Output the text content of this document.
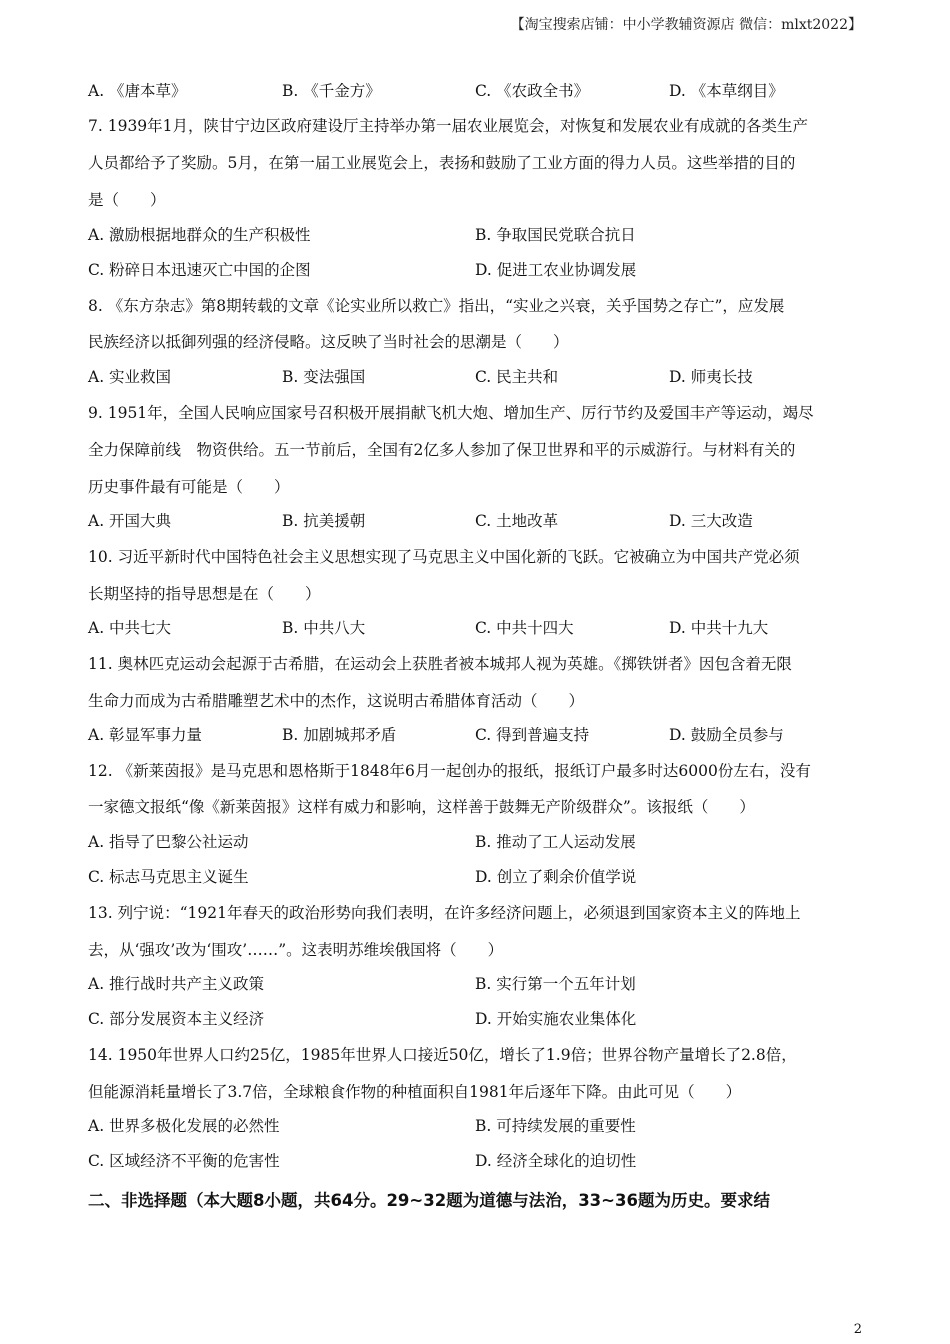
【淘宝搜索店铺：中小学教辅资源店 微信：mlxt2022】
A. 《唐本草》	B. 《千金方》	C. 《农政全书》	D. 《本草纲目》
7. 1939年1月，陕甘宁边区政府建设厅主持举办第一届农业展览会，对恢复和发展农业有成就的各类生产
人员都给予了奖励。5月，在第一届工业展览会上，表扬和鼓励了工业方面的得力人员。这些举措的目的
是（　　）
A. 激励根据地群众的生产积极性	B. 争取国民党联合抗日
C. 粉碎日本迅速灭亡中国的企图	D. 促进工农业协调发展
8. 《东方杂志》第8期转载的文章《论实业所以救亡》指出，“实业之兴衰，关乎国势之存亡”，应发展
民族经济以抵御列强的经济侵略。这反映了当时社会的思潮是（　　）
A. 实业救国	B. 变法强国	C. 民主共和	D. 师夷长技
9. 1951年，全国人民响应国家号召积极开展捐献飞机大炮、增加生产、厉行节约及爱国丰产等运动，竭尽
全力保障前线　物资供给。五一节前后，全国有2亿多人参加了保卫世界和平的示威游行。与材料有关的
历史事件最有可能是（　　）
A. 开国大典	B. 抗美援朝	C. 土地改革	D. 三大改造
10. 习近平新时代中国特色社会主义思想实现了马克思主义中国化新的飞跃。它被确立为中国共产党必须
长期坚持的指导思想是在（　　）
A. 中共七大	B. 中共八大	C. 中共十四大	D. 中共十九大
11. 奥林匹克运动会起源于古希腊，在运动会上获胜者被本城邦人视为英雄。《掷铁饼者》因包含着无限
生命力而成为古希腊雕塑艺术中的杰作，这说明古希腊体育活动（　　）
A. 彰显军事力量	B. 加剧城邦矛盾	C. 得到普遍支持	D. 鼓励全员参与
12. 《新莱茵报》是马克思和恩格斯于1848年6月一起创办的报纸，报纸订户最多时达6000份左右，没有
一家德文报纸“像《新莱茵报》这样有威力和影响，这样善于鼓舞无产阶级群众”。该报纸（　　）
A. 指导了巴黎公社运动	B. 推动了工人运动发展
C. 标志马克思主义诞生	D. 创立了剩余价值学说
13. 列宁说：“1921年春天的政治形势向我们表明，在许多经济问题上，必须退到国家资本主义的阵地上
去，从‘强攻’改为‘围攻’……”。这表明苏维埃俄国将（　　）
A. 推行战时共产主义政策	B. 实行第一个五年计划
C. 部分发展资本主义经济	D. 开始实施农业集体化
14. 1950年世界人口约25亿，1985年世界人口接近50亿，增长了1.9倍；世界谷物产量增长了2.8倍，
但能源消耗量增长了3.7倍，全球粮食作物的种植面积自1981年后逐年下降。由此可见（　　）
A. 世界多极化发展的必然性	B. 可持续发展的重要性
C. 区域经济不平衡的危害性	D. 经济全球化的迫切性
二、非选择题（本大题8小题，共64分。29~32题为道德与法治，33~36题为历史。要求结
2
